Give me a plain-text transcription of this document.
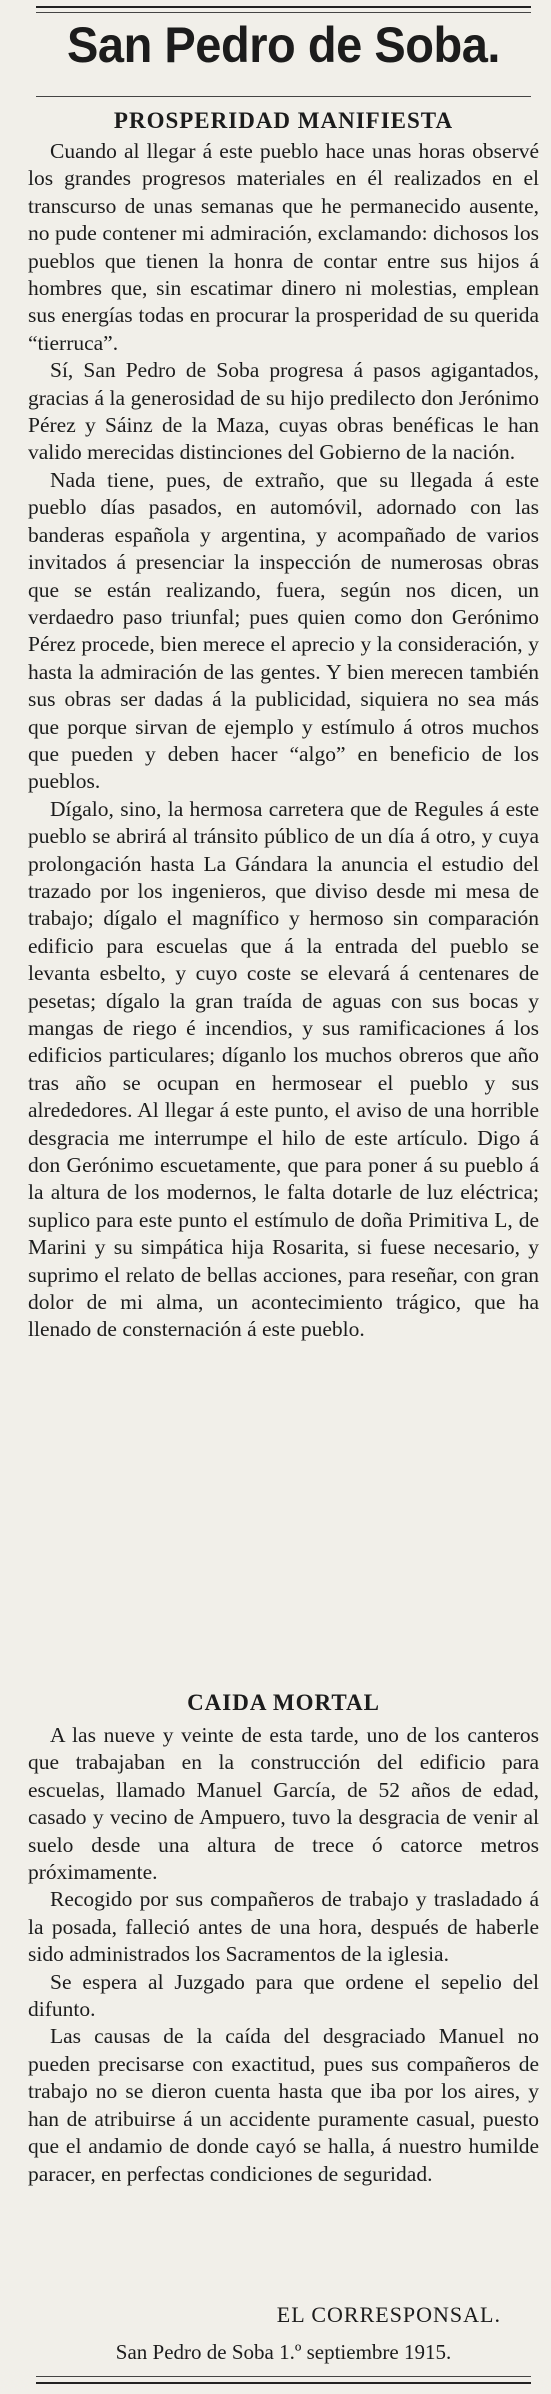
San Pedro de Soba.
PROSPERIDAD MANIFIESTA

Cuando al llegar á este pueblo hace unas horas observé los grandes progresos materiales en él realizados en el transcurso de unas semanas que he permanecido ausente, no pude contener mi admiración, exclamando: dichosos los pueblos que tienen la honra de contar entre sus hijos á hombres que, sin escatimar dinero ni molestias, emplean sus energías todas en procurar la prosperidad de su querida “tierruca”.

Sí, San Pedro de Soba progresa á pasos agigantados, gracias á la generosidad de su hijo predilecto don Jerónimo Pérez y Sáinz de la Maza, cuyas obras benéficas le han valido merecidas distinciones del Gobierno de la nación.

Nada tiene, pues, de extraño, que su llegada á este pueblo días pasados, en automóvil, adornado con las banderas española y argentina, y acompañado de varios invitados á presenciar la inspección de numerosas obras que se están realizando, fuera, según nos dicen, un verdaedro paso triunfal; pues quien como don Gerónimo Pérez procede, bien merece el aprecio y la consideración, y hasta la admiración de las gentes. Y bien merecen también sus obras ser dadas á la publicidad, siquiera no sea más que porque sirvan de ejemplo y estímulo á otros muchos que pueden y deben hacer “algo” en beneficio de los pueblos.

Dígalo, sino, la hermosa carretera que de Regules á este pueblo se abrirá al tránsito público de un día á otro, y cuya prolongación hasta La Gándara la anuncia el estudio del trazado por los ingenieros, que diviso desde mi mesa de trabajo; dígalo el magnífico y hermoso sin comparación edificio para escuelas que á la entrada del pueblo se levanta esbelto, y cuyo coste se elevará á centenares de pesetas; dígalo la gran traída de aguas con sus bocas y mangas de riego é incendios, y sus ramificaciones á los edificios particulares; díganlo los muchos obreros que año tras año se ocupan en hermosear el pueblo y sus alrededores. Al llegar á este punto, el aviso de una horrible desgracia me interrumpe el hilo de este artículo. Digo á don Gerónimo escuetamente, que para poner á su pueblo á la altura de los modernos, le falta dotarle de luz eléctrica; suplico para este punto el estímulo de doña Primitiva L, de Marini y su simpática hija Rosarita, si fuese necesario, y suprimo el relato de bellas acciones, para reseñar, con gran dolor de mi alma, un acontecimiento trágico, que ha llenado de consternación á este pueblo.

CAIDA MORTAL

A las nueve y veinte de esta tarde, uno de los canteros que trabajaban en la construcción del edificio para escuelas, llamado Manuel García, de 52 años de edad, casado y vecino de Ampuero, tuvo la desgracia de venir al suelo desde una altura de trece ó catorce metros próximamente.

Recogido por sus compañeros de trabajo y trasladado á la posada, falleció antes de una hora, después de haberle sido administrados los Sacramentos de la iglesia.

Se espera al Juzgado para que ordene el sepelio del difunto.

Las causas de la caída del desgraciado Manuel no pueden precisarse con exactitud, pues sus compañeros de trabajo no se dieron cuenta hasta que iba por los aires, y han de atribuirse á un accidente puramente casual, puesto que el andamio de donde cayó se halla, á nuestro humilde paracer, en perfectas condiciones de seguridad.

EL CORRESPONSAL.
San Pedro de Soba 1.º septiembre 1915.
